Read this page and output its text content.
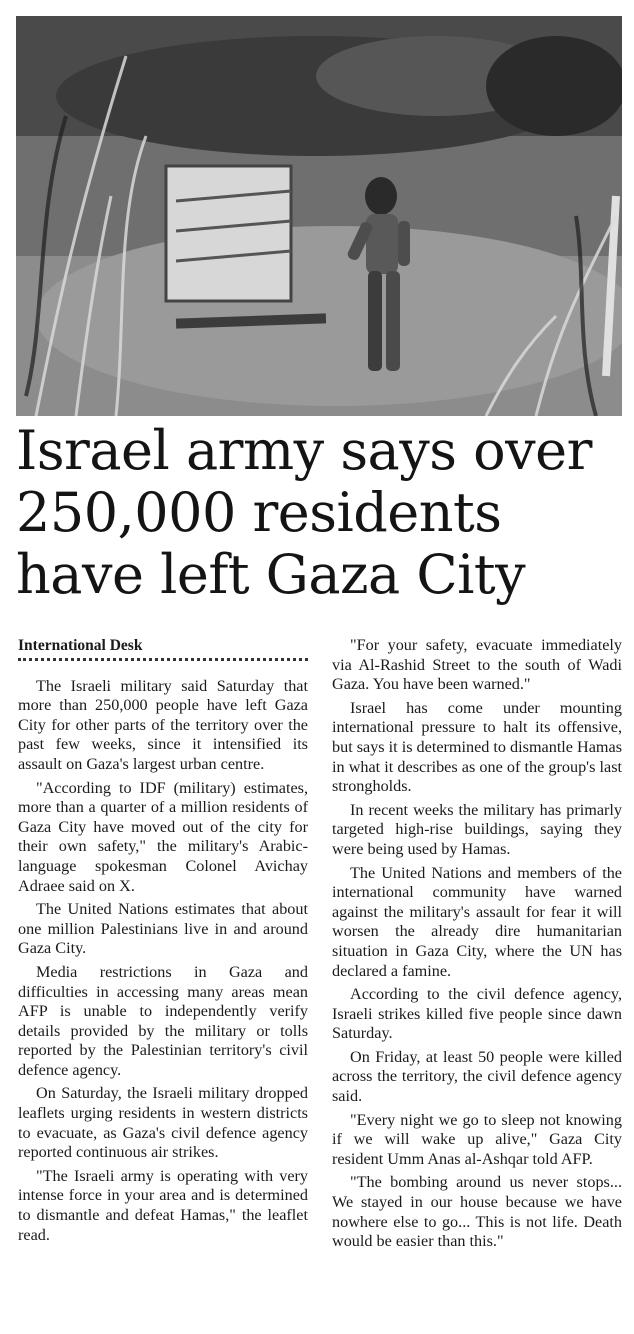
Israel army says over
250,000 residents
have left Gaza City
International Desk

The Israeli military said Saturday that more than 250,000 people have left Gaza City for other parts of the territory over the past few weeks, since it intensified its assault on Gaza's largest urban centre.

"According to IDF (military) estimates, more than a quarter of a million residents of Gaza City have moved out of the city for their own safety," the military's Arabic-language spokesman Colonel Avichay Adraee said on X.

The United Nations estimates that about one million Palestinians live in and around Gaza City.

Media restrictions in Gaza and difficulties in accessing many areas mean AFP is unable to independently verify details provided by the military or tolls reported by the Palestinian territory's civil defence agency.

On Saturday, the Israeli military dropped leaflets urging residents in western districts to evacuate, as Gaza's civil defence agency reported continuous air strikes.

"The Israeli army is operating with very intense force in your area and is determined to dismantle and defeat Hamas," the leaflet read.

"For your safety, evacuate immediately via Al-Rashid Street to the south of Wadi Gaza. You have been warned."

Israel has come under mounting international pressure to halt its offensive, but says it is determined to dismantle Hamas in what it describes as one of the group's last strongholds.

In recent weeks the military has primarly targeted high-rise buildings, saying they were being used by Hamas.

The United Nations and members of the international community have warned against the military's assault for fear it will worsen the already dire humanitarian situation in Gaza City, where the UN has declared a famine.

According to the civil defence agency, Israeli strikes killed five people since dawn Saturday.

On Friday, at least 50 people were killed across the territory, the civil defence agency said.

"Every night we go to sleep not knowing if we will wake up alive," Gaza City resident Umm Anas al-Ashqar told AFP.

"The bombing around us never stops... We stayed in our house because we have nowhere else to go... This is not life. Death would be easier than this."
